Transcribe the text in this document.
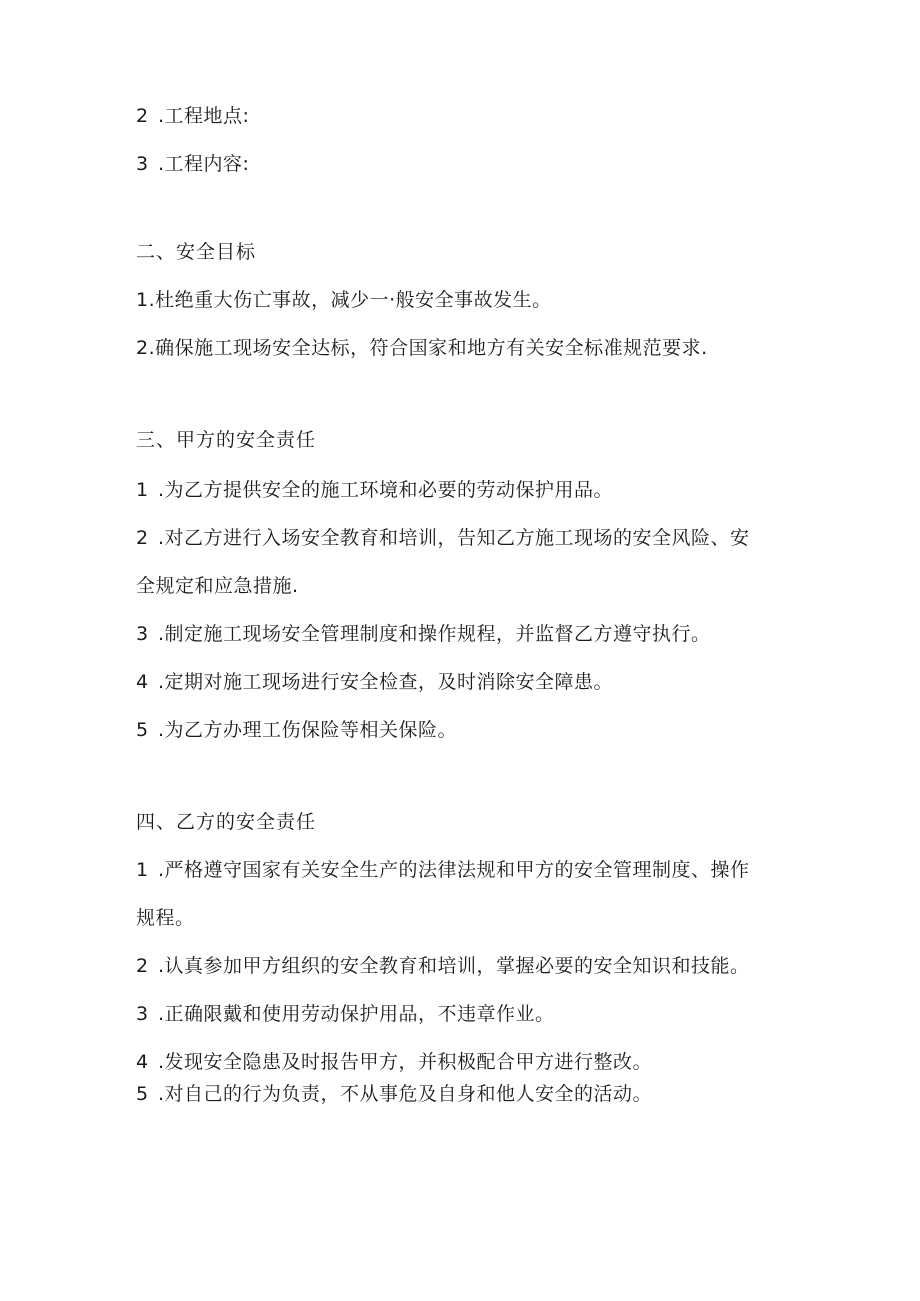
2 .工程地点:
3 .工程内容:
二、安全目标
1.杜绝重大伤亡事故，减少一·般安全事故发生。
2.确保施工现场安全达标，符合国家和地方有关安全标准规范要求.
三、甲方的安全责任
1 .为乙方提供安全的施工环境和必要的劳动保护用品。
2 .对乙方进行入场安全教育和培训，告知乙方施工现场的安全风险、安
全规定和应急措施.
3 .制定施工现场安全管理制度和操作规程，并监督乙方遵守执行。
4 .定期对施工现场进行安全检查，及时消除安全障患。
5 .为乙方办理工伤保险等相关保险。
四、乙方的安全责任
1 .严格遵守国家有关安全生产的法律法规和甲方的安全管理制度、操作
规程。
2 .认真参加甲方组织的安全教育和培训，掌握必要的安全知识和技能。
3 .正确限戴和使用劳动保护用品，不违章作业。
4 .发现安全隐患及时报告甲方，并积极配合甲方进行整改。
5 .对自己的行为负责，不从事危及自身和他人安全的活动。
